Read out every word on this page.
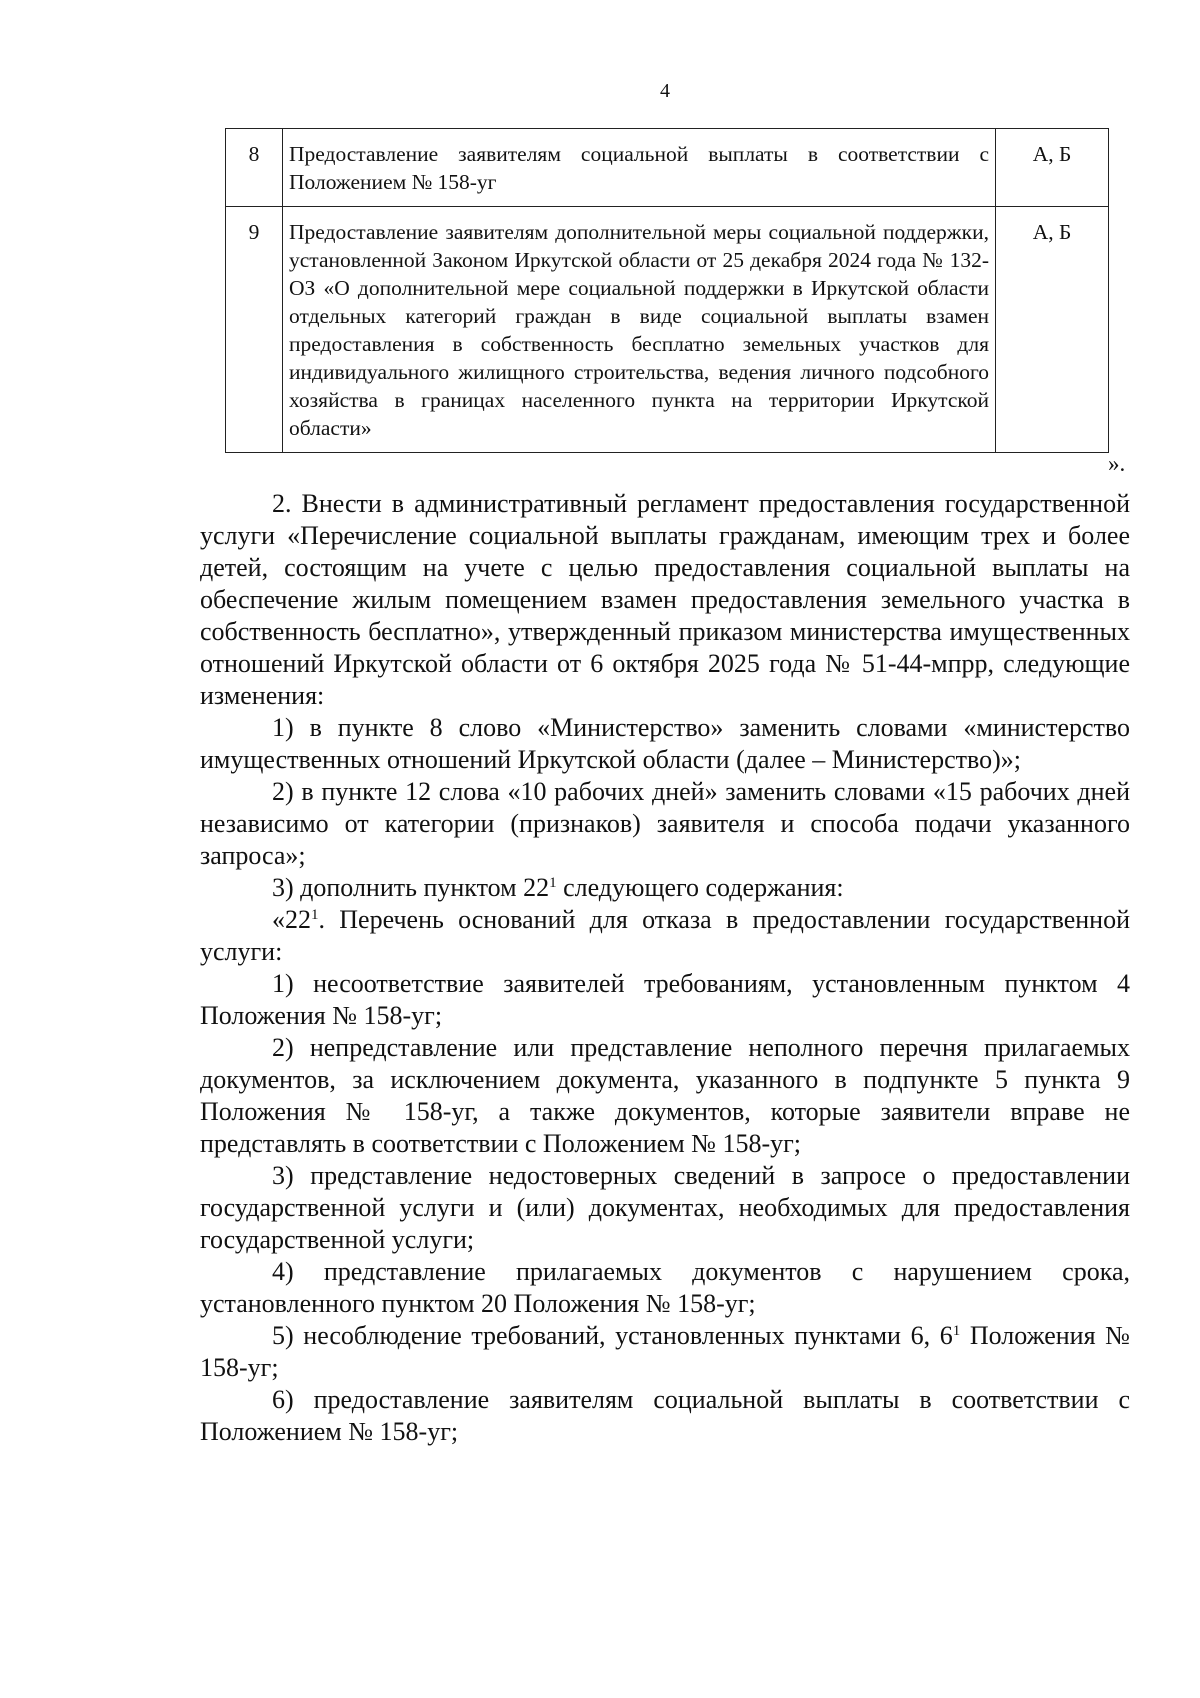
4
8	Предоставление заявителям социальной выплаты в соответствии с Положением № 158-уг	А, Б
9	Предоставление заявителям дополнительной меры социальной поддержки, установленной Законом Иркутской области от 25 декабря 2024 года № 132-ОЗ «О дополнительной мере социальной поддержки в Иркутской области отдельных категорий граждан в виде социальной выплаты взамен предоставления в собственность бесплатно земельных участков для индивидуального жилищного строительства, ведения личного подсобного хозяйства в границах населенного пункта на территории Иркутской области»	А, Б
».

2. Внести в административный регламент предоставления государственной услуги «Перечисление социальной выплаты гражданам, имеющим трех и более детей, состоящим на учете с целью предоставления социальной выплаты на обеспечение жилым помещением взамен предоставления земельного участка в собственность бесплатно», утвержденный приказом министерства имущественных отношений Иркутской области от 6 октября 2025 года № 51-44-мпрр, следующие изменения:

1) в пункте 8 слово «Министерство» заменить словами «министерство имущественных отношений Иркутской области (далее – Министерство)»;

2) в пункте 12 слова «10 рабочих дней» заменить словами «15 рабочих дней независимо от категории (признаков) заявителя и способа подачи указанного запроса»;

3) дополнить пунктом $22^1$ следующего содержания:

«$22^1$. Перечень оснований для отказа в предоставлении государственной услуги:

1) несоответствие заявителей требованиям, установленным пунктом 4 Положения № 158-уг;

2) непредставление или представление неполного перечня прилагаемых документов, за исключением документа, указанного в подпункте 5 пункта 9 Положения № 158-уг, а также документов, которые заявители вправе не представлять в соответствии с Положением № 158-уг;

3) представление недостоверных сведений в запросе о предоставлении государственной услуги и (или) документах, необходимых для предоставления государственной услуги;

4) представление прилагаемых документов с нарушением срока, установленного пунктом 20 Положения № 158-уг;

5) несоблюдение требований, установленных пунктами 6, $6^1$ Положения № 158-уг;

6) предоставление заявителям социальной выплаты в соответствии с Положением № 158-уг;
